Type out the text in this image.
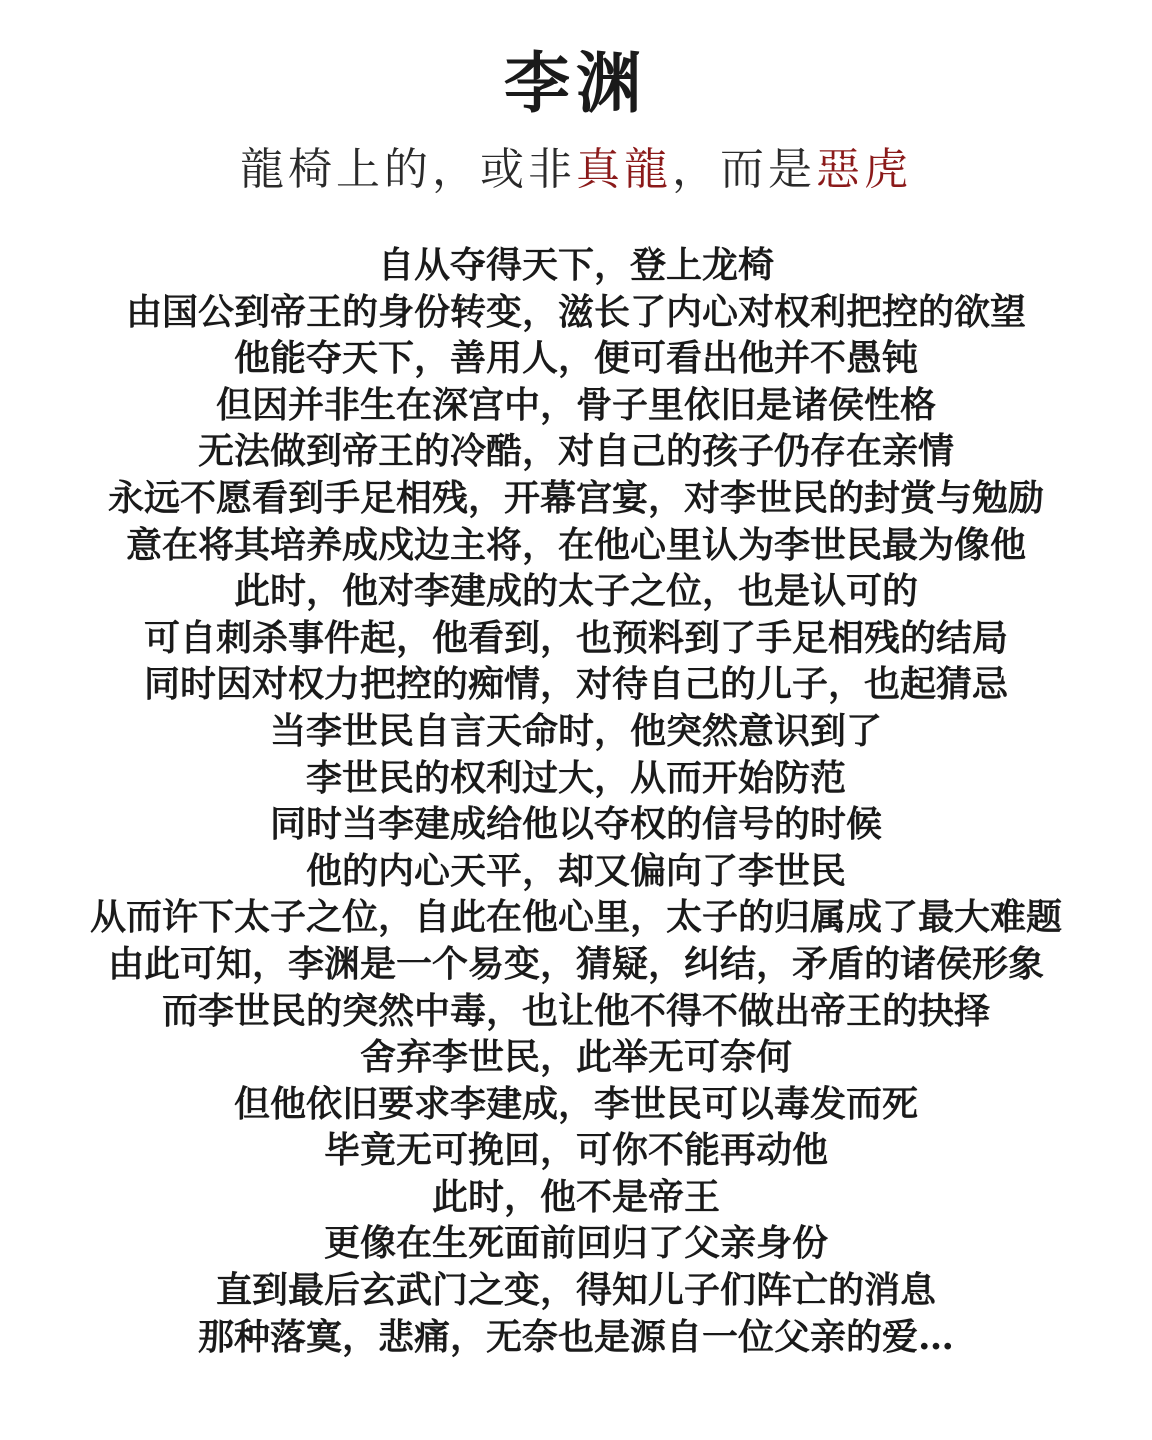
李渊
龍椅上的，或非真龍，而是惡虎
自从夺得天下，登上龙椅
由国公到帝王的身份转变，滋长了内心对权利把控的欲望
他能夺天下，善用人，便可看出他并不愚钝
但因并非生在深宫中，骨子里依旧是诸侯性格
无法做到帝王的冷酷，对自己的孩子仍存在亲情
永远不愿看到手足相残，开幕宫宴，对李世民的封赏与勉励
意在将其培养成戍边主将，在他心里认为李世民最为像他
此时，他对李建成的太子之位，也是认可的
可自刺杀事件起，他看到，也预料到了手足相残的结局
同时因对权力把控的痴情，对待自己的儿子，也起猜忌
当李世民自言天命时，他突然意识到了
李世民的权利过大，从而开始防范
同时当李建成给他以夺权的信号的时候
他的内心天平，却又偏向了李世民
从而许下太子之位，自此在他心里，太子的归属成了最大难题
由此可知，李渊是一个易变，猜疑，纠结，矛盾的诸侯形象
而李世民的突然中毒，也让他不得不做出帝王的抉择
舍弃李世民，此举无可奈何
但他依旧要求李建成，李世民可以毒发而死
毕竟无可挽回，可你不能再动他
此时，他不是帝王
更像在生死面前回归了父亲身份
直到最后玄武门之变，得知儿子们阵亡的消息
那种落寞，悲痛，无奈也是源自一位父亲的爱…
